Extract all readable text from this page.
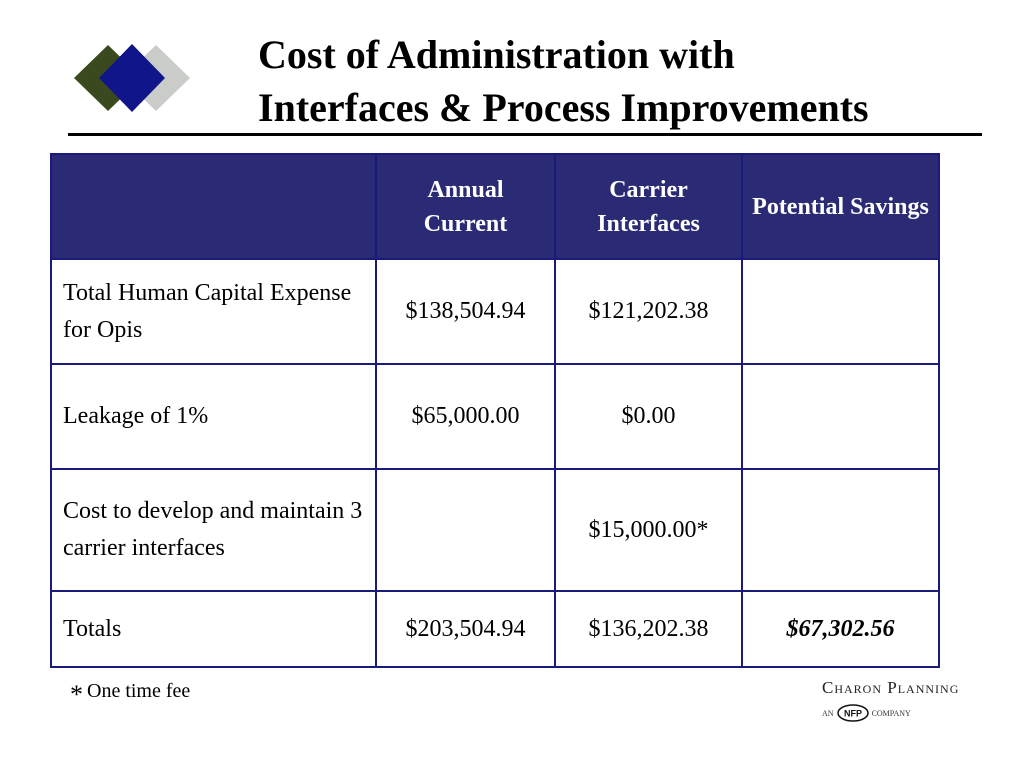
Cost of Administration with
Interfaces & Process Improvements
	Annual Current	Carrier Interfaces	Potential Savings
Total Human Capital Expense for Opis	$138,504.94	$121,202.38	
Leakage of 1%	$65,000.00	$0.00	
Cost to develop and maintain 3 carrier interfaces		$15,000.00*	
Totals	$203,504.94	$136,202.38	$67,302.56
* One time fee	Charon Planning
AN NFP COMPANY
